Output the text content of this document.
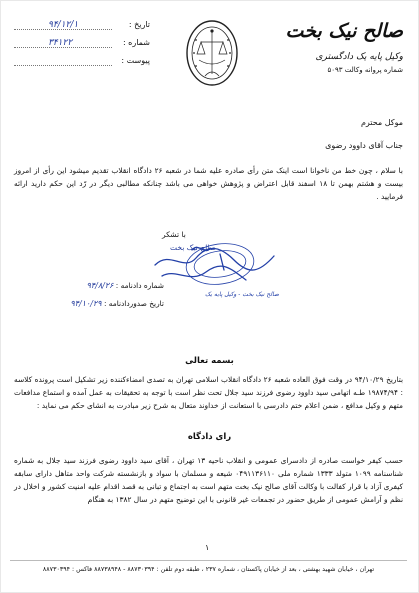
تاریخ :
۹۴/۱۲/۱
شماره :
۳۴۱۲۲
پیوست :
صالح نیک بخت
وکیل پایه یک دادگستری
شماره پروانه وکالت ۵۰۹۳
موکل محترم
جناب آقای داوود رضوی
با سلام ، چون خط من ناخوانا است اینک متن رأی صادره علیه شما در شعبه ۲۶ دادگاه انقلاب تقدیم میشود این رأی از امروز بیست و هشتم بهمن تا ۱۸ اسفند قابل اعتراض و پژوهش خواهی می باشد چنانکه مطالبی دیگر در رّد این حکم دارید ارائه فرمایید .
با تشکر
صالح نیک بخت
صالح نیک بخت - وکیل پایه یک
شماره دادنامه : ۹۴/۸/۲۶
تاریخ صدوردادنامه : ۹۴/۱۰/۲۹
بسمه تعالی
بتاریخ ۹۴/۱۰/۲۹ در وقت فوق العاده شعبه ۲۶ دادگاه انقلاب اسلامی تهران به تصدی امضاءکننده زیر تشکیل است پرونده کلاسه : ۱۹۸۷۴/۹۴ طـه اتهامی سید داوود رضوی فرزند سید جلال تحت نظر است با توجه به تحقیقات به عمل آمده و استماع مدافعات متهم و وکیل مدافع ، ضمن اعلام ختم دادرسی با استعانت از خداوند متعال به شرح زیر مبادرت به انشای حکم می نماید :
رای دادگاه
حسب کیفر خواست صادره از دادسرای عمومی و انقلاب ناحیه ۱۳ تهران ، آقای سید داوود رضوی فرزند سید جلال به شماره شناسنامه ۱۰۹۹ متولد ۱۳۳۳ شماره ملی ۰۴۹۱۱۳۶۱۱۰ شیعه و مسلمان با سواد و بازنشسته شرکت واحد متاهل دارای سابقه کیفری آزاد با قرار کفالت با وکالت آقای صالح نیک بخت متهم است به اجتماع و تبانی به قصد اقدام علیه امنیت کشور و اخلال در نظم و آرامش عمومی از طریق حضور در تجمعات غیر قانونی با این توضیح متهم در سال ۱۳۸۲ به هنگام
۱
تهران ، خیابان شهید بهشتی ، بعد از خیابان پاکستان ، شماره ۲۳۷ ، طبقه دوم تلفن : ۸۸۷۳۰۳۹۴ - ۸۸۷۳۸۹۴۸ فاکس : ۸۸۷۳۰۳۹۴
